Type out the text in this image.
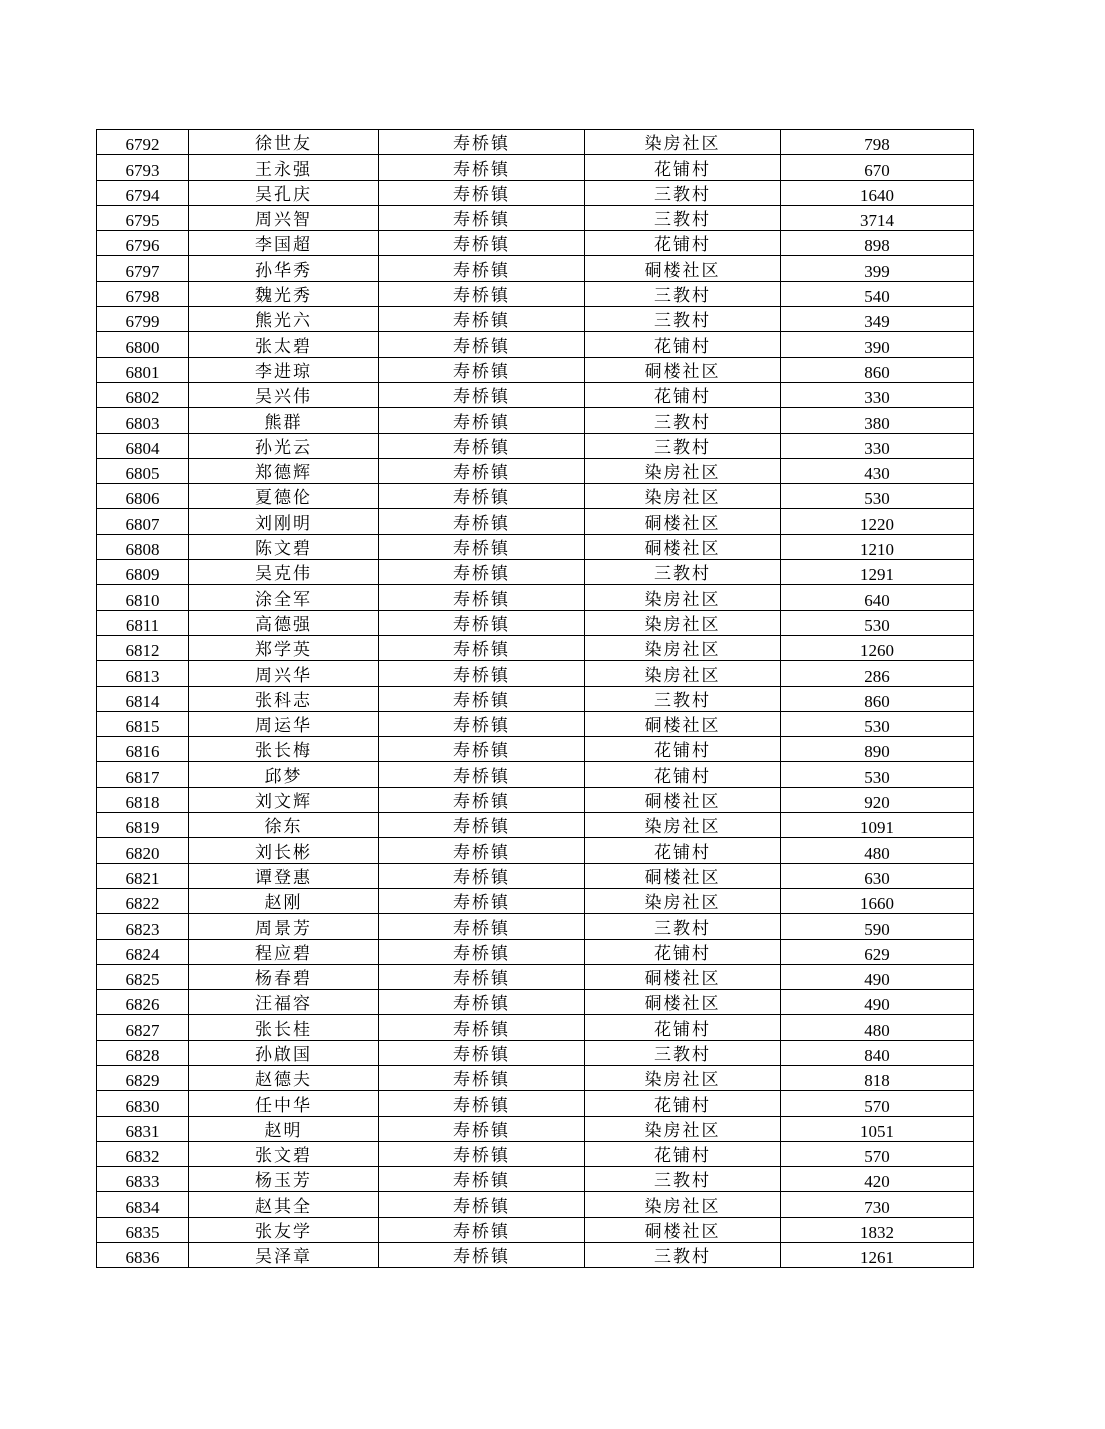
6792	徐世友	寿桥镇	染房社区	798
6793	王永强	寿桥镇	花铺村	670
6794	吴孔庆	寿桥镇	三教村	1640
6795	周兴智	寿桥镇	三教村	3714
6796	李国超	寿桥镇	花铺村	898
6797	孙华秀	寿桥镇	硐楼社区	399
6798	魏光秀	寿桥镇	三教村	540
6799	熊光六	寿桥镇	三教村	349
6800	张太碧	寿桥镇	花铺村	390
6801	李进琼	寿桥镇	硐楼社区	860
6802	吴兴伟	寿桥镇	花铺村	330
6803	熊群	寿桥镇	三教村	380
6804	孙光云	寿桥镇	三教村	330
6805	郑德辉	寿桥镇	染房社区	430
6806	夏德伦	寿桥镇	染房社区	530
6807	刘刚明	寿桥镇	硐楼社区	1220
6808	陈文碧	寿桥镇	硐楼社区	1210
6809	吴克伟	寿桥镇	三教村	1291
6810	涂全军	寿桥镇	染房社区	640
6811	高德强	寿桥镇	染房社区	530
6812	郑学英	寿桥镇	染房社区	1260
6813	周兴华	寿桥镇	染房社区	286
6814	张科志	寿桥镇	三教村	860
6815	周运华	寿桥镇	硐楼社区	530
6816	张长梅	寿桥镇	花铺村	890
6817	邱梦	寿桥镇	花铺村	530
6818	刘文辉	寿桥镇	硐楼社区	920
6819	徐东	寿桥镇	染房社区	1091
6820	刘长彬	寿桥镇	花铺村	480
6821	谭登惠	寿桥镇	硐楼社区	630
6822	赵刚	寿桥镇	染房社区	1660
6823	周景芳	寿桥镇	三教村	590
6824	程应碧	寿桥镇	花铺村	629
6825	杨春碧	寿桥镇	硐楼社区	490
6826	汪福容	寿桥镇	硐楼社区	490
6827	张长桂	寿桥镇	花铺村	480
6828	孙啟国	寿桥镇	三教村	840
6829	赵德夫	寿桥镇	染房社区	818
6830	任中华	寿桥镇	花铺村	570
6831	赵明	寿桥镇	染房社区	1051
6832	张文碧	寿桥镇	花铺村	570
6833	杨玉芳	寿桥镇	三教村	420
6834	赵其全	寿桥镇	染房社区	730
6835	张友学	寿桥镇	硐楼社区	1832
6836	吴泽章	寿桥镇	三教村	1261
